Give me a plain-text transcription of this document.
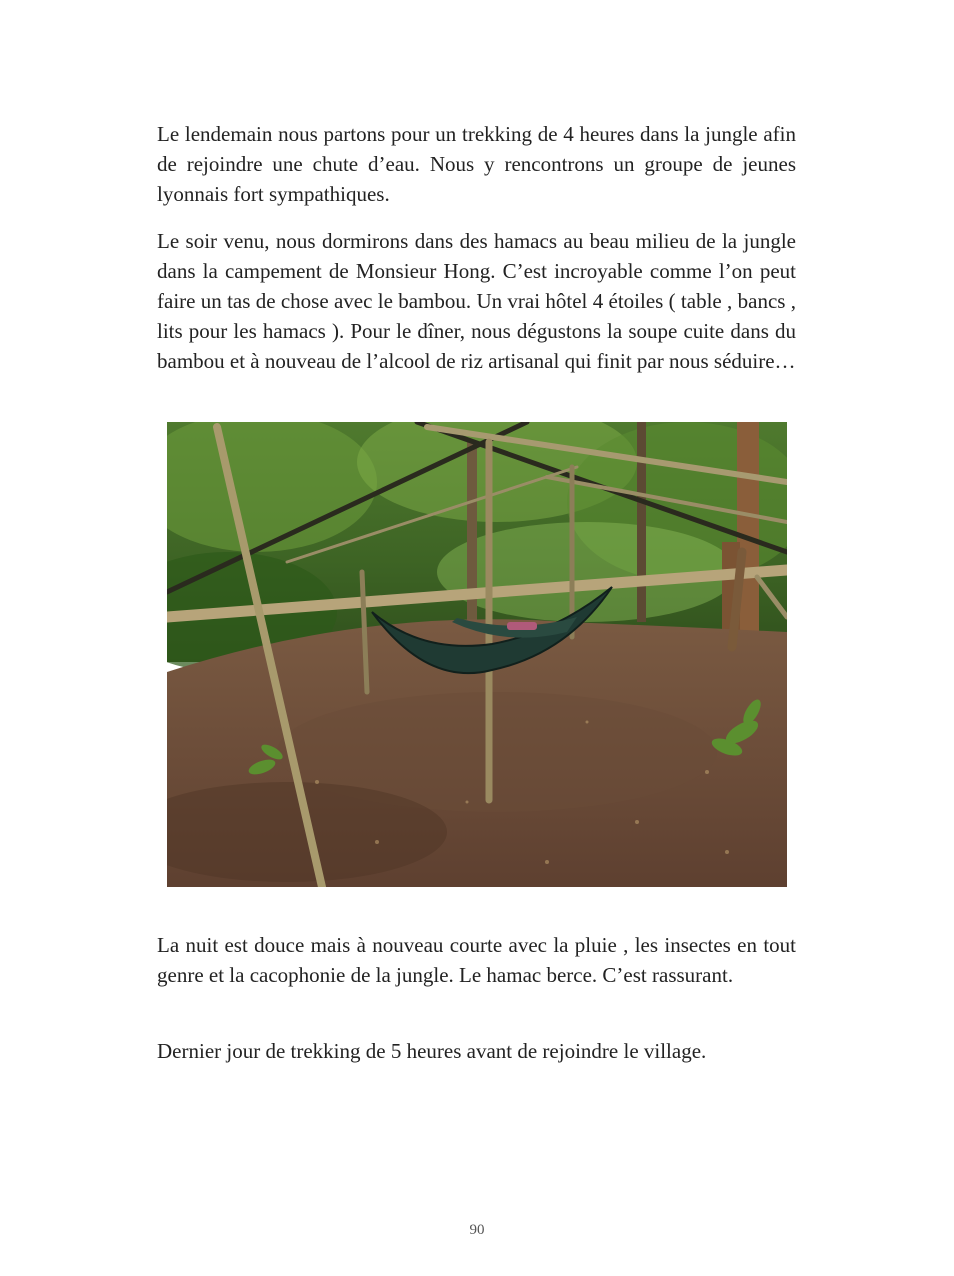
Le lendemain nous partons pour un trekking de 4 heures dans la jungle afin de rejoindre une chute d’eau. Nous y rencontrons un groupe de jeunes lyonnais fort sympathiques.

Le soir venu, nous dormirons dans des hamacs au beau milieu de la jungle dans la campement de Monsieur Hong. C’est incroyable comme l’on peut faire un tas de chose avec le bambou. Un vrai hôtel 4 étoiles ( table , bancs , lits pour les hamacs ). Pour le dîner, nous dégustons la soupe cuite dans du bambou et à nouveau de l’alcool de riz artisanal qui finit par nous séduire…

La nuit est douce mais à nouveau courte avec la pluie , les insectes en tout genre et la cacophonie de la jungle. Le hamac berce. C’est rassurant.

Dernier jour de trekking de 5 heures avant de rejoindre le village.

90
